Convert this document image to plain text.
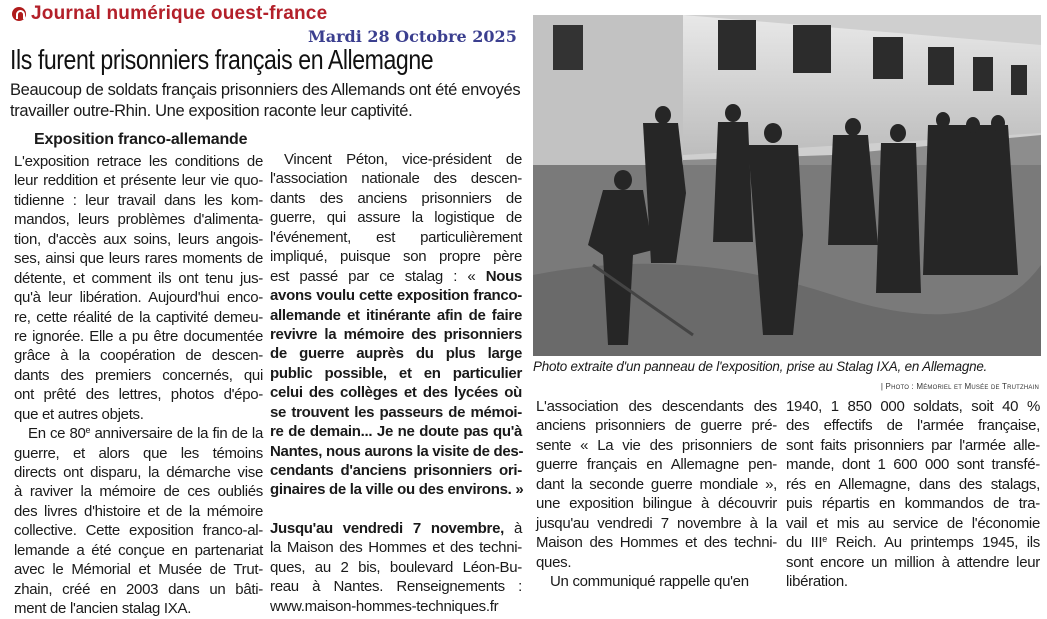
Journal numérique ouest-france
Mardi 28 Octobre 2025
Ils furent prisonniers français en Allemagne

Beaucoup de soldats français prisonniers des Allemands ont été envoyés travailler outre-Rhin. Une exposition raconte leur captivité.

Exposition franco-allemande
L'exposition retrace les conditions de
leur reddition et présente leur vie quo-
tidienne : leur travail dans les kom-
mandos, leurs problèmes d'alimenta-
tion, d'accès aux soins, leurs angois-
ses, ainsi que leurs rares moments de
détente, et comment ils ont tenu jus-
qu'à leur libération. Aujourd'hui enco-
re, cette réalité de la captivité demeu-
re ignorée. Elle a pu être documentée
grâce à la coopération de descen-
dants des premiers concernés, qui
ont prêté des lettres, photos d'épo-
que et autres objets.
En ce 80e anniversaire de la fin de la
guerre, et alors que les témoins
directs ont disparu, la démarche vise
à raviver la mémoire de ces oubliés
des livres d'histoire et de la mémoire
collective. Cette exposition franco-al-
lemande a été conçue en partenariat
avec le Mémorial et Musée de Trut-
zhain, créé en 2003 dans un bâti-
ment de l'ancien stalag IXA.
Vincent Péton, vice-président de
l'association nationale des descen-
dants des anciens prisonniers de
guerre, qui assure la logistique de
l'événement, est particulièrement
impliqué, puisque son propre père
est passé par ce stalag : « Nous
avons voulu cette exposition franco-
allemande et itinérante afin de faire
revivre la mémoire des prisonniers
de guerre auprès du plus large
public possible, et en particulier
celui des collèges et des lycées où
se trouvent les passeurs de mémoi-
re de demain... Je ne doute pas qu'à
Nantes, nous aurons la visite de des-
cendants d'anciens prisonniers ori-
ginaires de la ville ou des environs. »
Jusqu'au vendredi 7 novembre, à
la Maison des Hommes et des techni-
ques, au 2 bis, boulevard Léon-Bu-
reau à Nantes. Renseignements :
www.maison-hommes-techniques.fr
L'association des descendants des
anciens prisonniers de guerre pré-
sente « La vie des prisonniers de
guerre français en Allemagne pen-
dant la seconde guerre mondiale »,
une exposition bilingue à découvrir
jusqu'au vendredi 7 novembre à la
Maison des Hommes et des techni-
ques.
Un communiqué rappelle qu'en
1940, 1 850 000 soldats, soit 40 %
des effectifs de l'armée française,
sont faits prisonniers par l'armée alle-
mande, dont 1 600 000 sont transfé-
rés en Allemagne, dans des stalags,
puis répartis en kommandos de tra-
vail et mis au service de l'économie
du IIIe Reich. Au printemps 1945, ils
sont encore un million à attendre leur
libération.
Photo extraite d'un panneau de l'exposition, prise au Stalag IXA, en Allemagne.
| Photo : Mémoriel et Musée de Trutzhain
